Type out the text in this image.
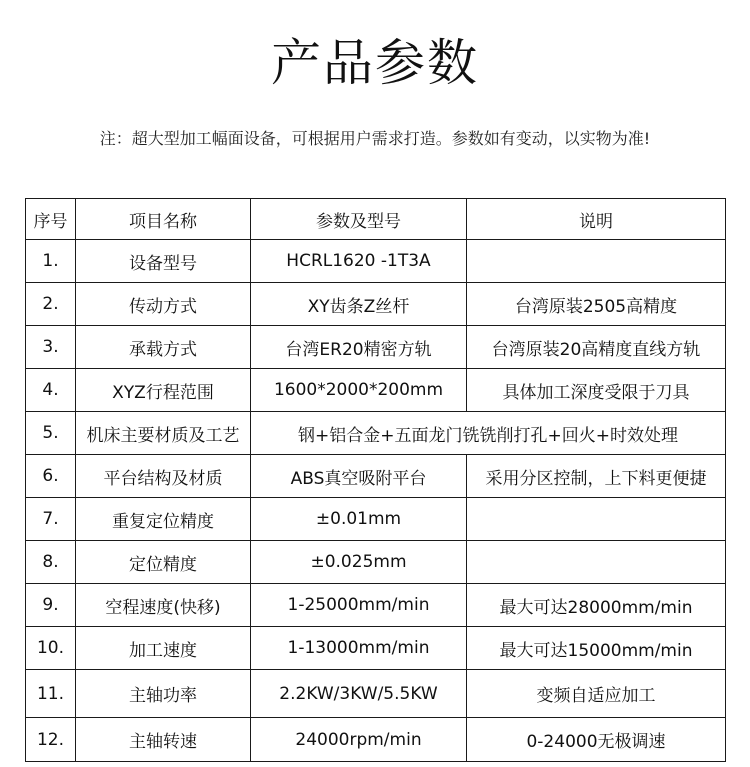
产品参数
注：超大型加工幅面设备，可根据用户需求打造。参数如有变动，以实物为准!
序号	项目名称	参数及型号	说明
1.	设备型号	HCRL1620 -1T3A	
2.	传动方式	XY齿条Z丝杆	台湾原装2505高精度
3.	承载方式	台湾ER20精密方轨	台湾原装20高精度直线方轨
4.	XYZ行程范围	1600*2000*200mm	具体加工深度受限于刀具
5.	机床主要材质及工艺	钢+铝合金+五面龙门铣铣削打孔+回火+时效处理	
6.	平台结构及材质	ABS真空吸附平台	采用分区控制，上下料更便捷
7.	重复定位精度	±0.01mm	
8.	定位精度	±0.025mm	
9.	空程速度(快移)	1-25000mm/min	最大可达28000mm/min
10.	加工速度	1-13000mm/min	最大可达15000mm/min
11.	主轴功率	2.2KW/3KW/5.5KW	变频自适应加工
12.	主轴转速	24000rpm/min	0-24000无极调速
